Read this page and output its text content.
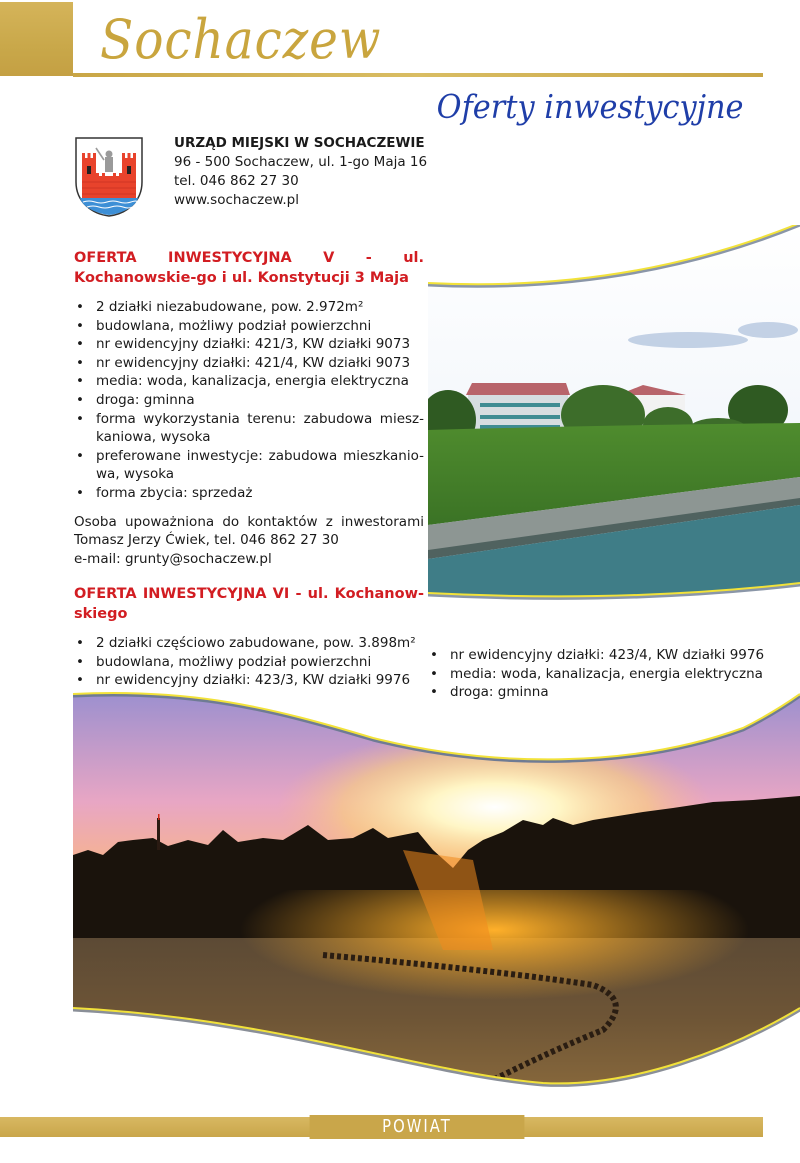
Sochaczew
Oferty inwestycyjne
URZĄD MIEJSKI W SOCHACZEWIE
96 - 500 Sochaczew, ul. 1-go Maja 16
tel. 046 862 27 30
www.sochaczew.pl
OFERTA INWESTYCYJNA V - ul. Kochanowskie-go i ul. Konstytucji 3 Maja
• 2 działki niezabudowane, pow. 2.972m²
• budowlana, możliwy podział powierzchni
• nr ewidencyjny działki: 421/3, KW działki 9073
• nr ewidencyjny działki: 421/4, KW działki 9073
• media: woda, kanalizacja, energia elektryczna
• droga: gminna
• forma wykorzystania terenu: zabudowa miesz-kaniowa, wysoka
• preferowane inwestycje: zabudowa mieszkanio-wa, wysoka
• forma zbycia: sprzedaż
Osoba upoważniona do kontaktów z inwestorami
Tomasz Jerzy Ćwiek, tel. 046 862 27 30
e-mail: grunty@sochaczew.pl
OFERTA INWESTYCYJNA VI - ul. Kochanow-skiego
• 2 działki częściowo zabudowane, pow. 3.898m²
• budowlana, możliwy podział powierzchni
• nr ewidencyjny działki: 423/3, KW działki 9976
• nr ewidencyjny działki: 423/4, KW działki 9976
• media: woda, kanalizacja, energia elektryczna
• droga: gminna
POWIAT SOCHACZEWSKI
